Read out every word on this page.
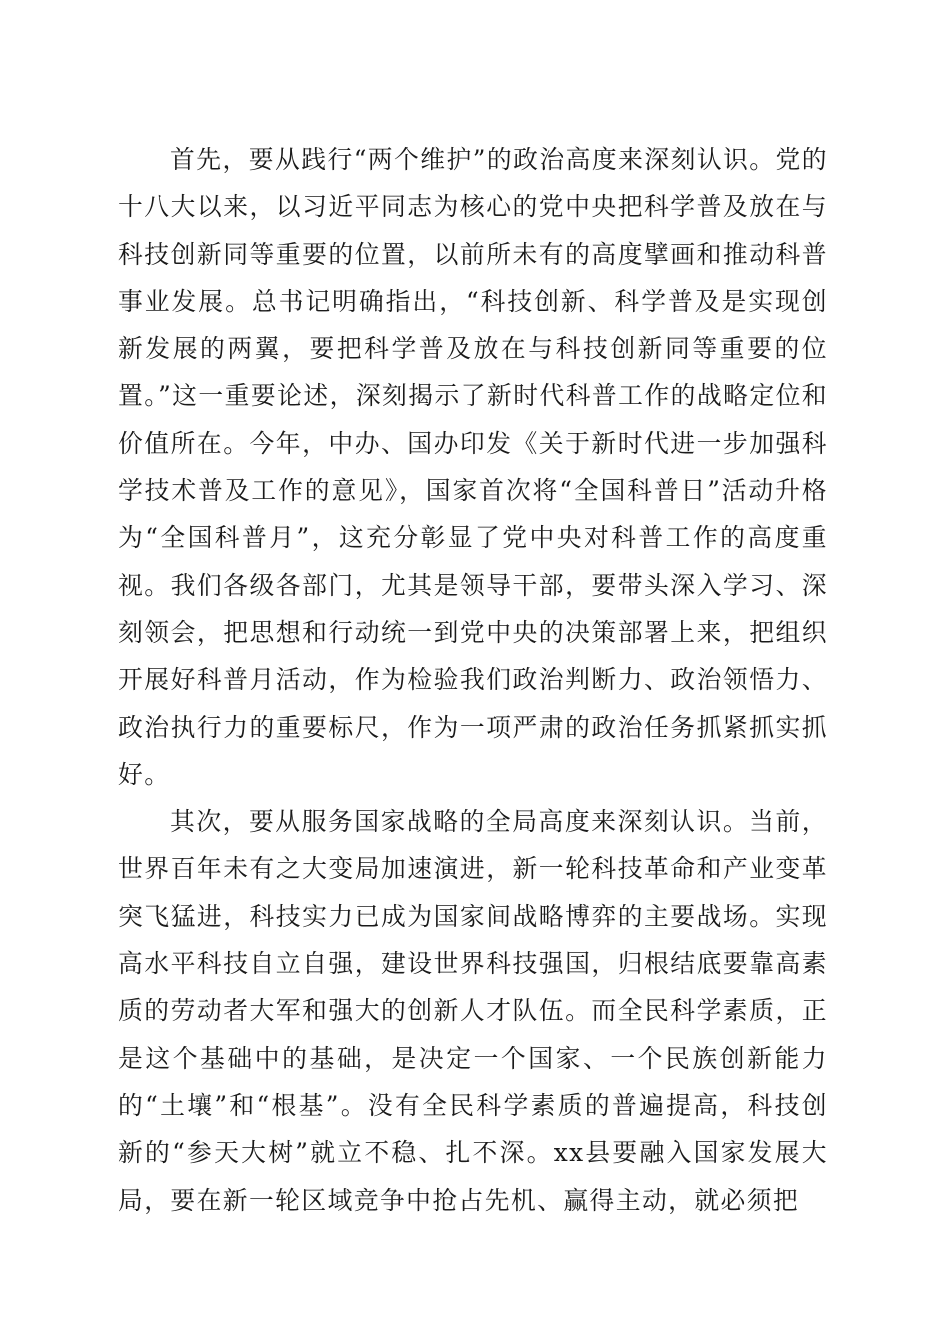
首先，要从践行“两个维护”的政治高度来深刻认识。党的十八大以来，以习近平同志为核心的党中央把科学普及放在与科技创新同等重要的位置，以前所未有的高度擘画和推动科普事业发展。总书记明确指出，“科技创新、科学普及是实现创新发展的两翼，要把科学普及放在与科技创新同等重要的位置。”这一重要论述，深刻揭示了新时代科普工作的战略定位和价值所在。今年，中办、国办印发《关于新时代进一步加强科学技术普及工作的意见》，国家首次将“全国科普日”活动升格为“全国科普月”，这充分彰显了党中央对科普工作的高度重视。我们各级各部门，尤其是领导干部，要带头深入学习、深刻领会，把思想和行动统一到党中央的决策部署上来，把组织开展好科普月活动，作为检验我们政治判断力、政治领悟力、政治执行力的重要标尺，作为一项严肃的政治任务抓紧抓实抓好。

其次，要从服务国家战略的全局高度来深刻认识。当前，世界百年未有之大变局加速演进，新一轮科技革命和产业变革突飞猛进，科技实力已成为国家间战略博弈的主要战场。实现高水平科技自立自强，建设世界科技强国，归根结底要靠高素质的劳动者大军和强大的创新人才队伍。而全民科学素质，正是这个基础中的基础，是决定一个国家、一个民族创新能力的“土壤”和“根基”。没有全民科学素质的普遍提高，科技创新的“参天大树”就立不稳、扎不深。xx县要融入国家发展大局，要在新一轮区域竞争中抢占先机、赢得主动，就必须把
